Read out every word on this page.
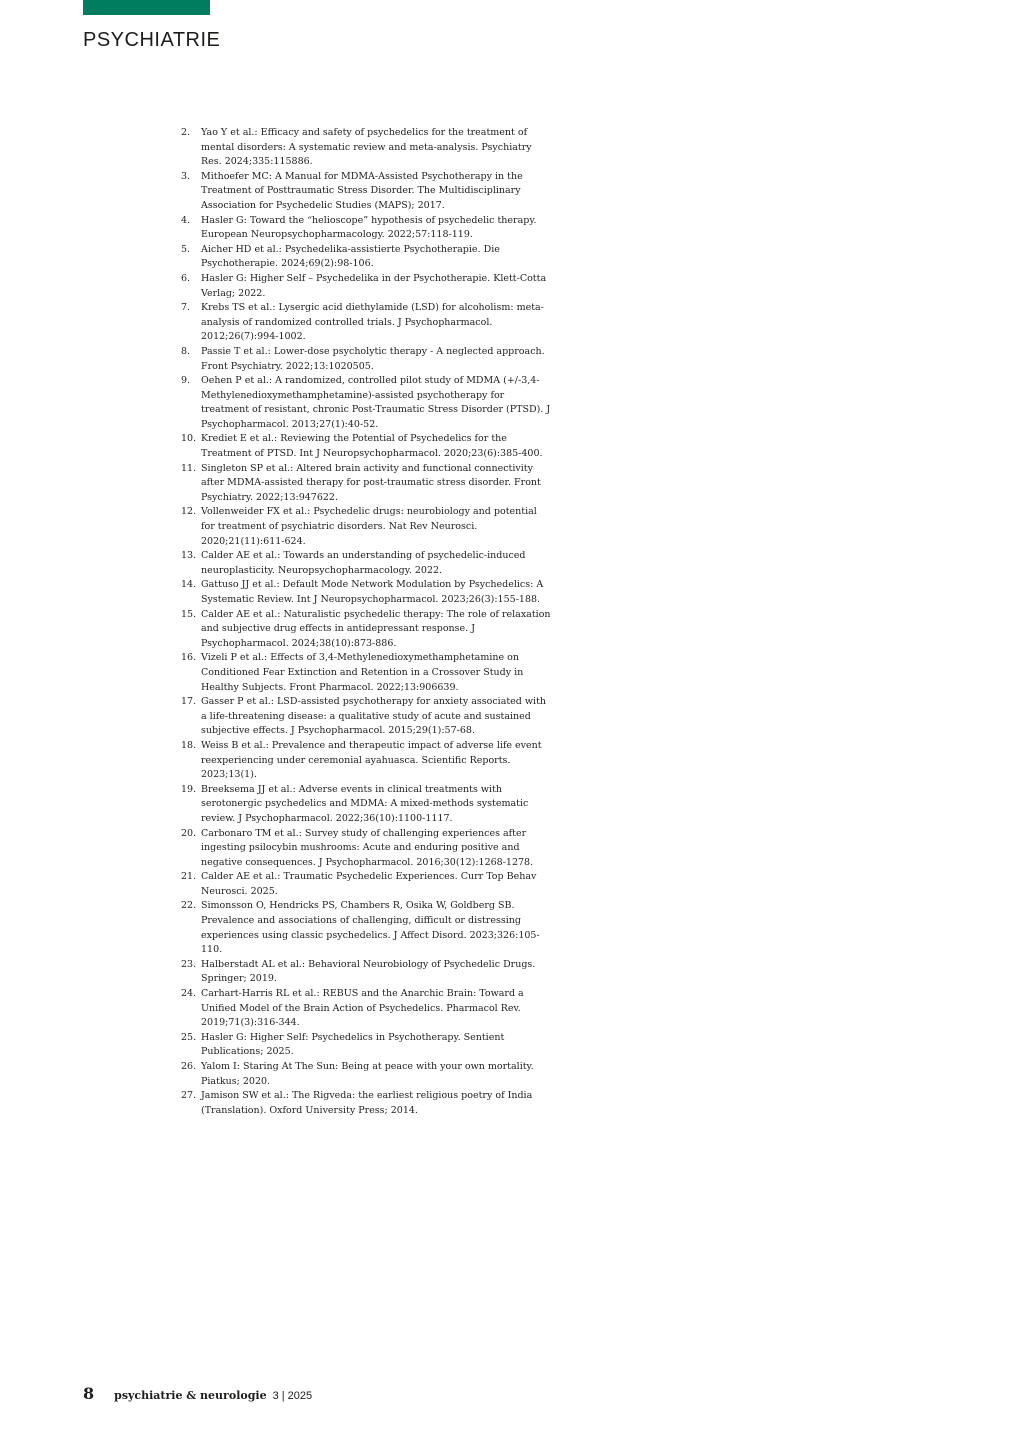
PSYCHIATRIE
2.	Yao Y et al.: Efficacy and safety of psychedelics for the treatment of mental disorders: A systematic review and meta-analysis. Psychiatry Res. 2024;335:115886.
3.	Mithoefer MC: A Manual for MDMA-Assisted Psychotherapy in the Treatment of Posttraumatic Stress Disorder. The Multidisciplinary Association for Psychedelic Studies (MAPS); 2017.
4.	Hasler G: Toward the “helioscope” hypothesis of psychedelic therapy. European Neuropsychopharmacology. 2022;57:118-119.
5.	Aicher HD et al.: Psychedelika-assistierte Psychotherapie. Die Psychotherapie. 2024;69(2):98-106.
6.	Hasler G: Higher Self – Psychedelika in der Psychotherapie. Klett-Cotta Verlag; 2022.
7.	Krebs TS et al.: Lysergic acid diethylamide (LSD) for alcoholism: meta-analysis of randomized controlled trials. J Psychopharmacol. 2012;26(7):994-1002.
8.	Passie T et al.: Lower-dose psycholytic therapy - A neglected approach. Front Psychiatry. 2022;13:1020505.
9.	Oehen P et al.: A randomized, controlled pilot study of MDMA (+/-3,4-Methylenedioxymethamphetamine)-assisted psychotherapy for treatment of resistant, chronic Post-Traumatic Stress Disorder (PTSD). J Psychopharmacol. 2013;27(1):40-52.
10. Krediet E et al.: Reviewing the Potential of Psychedelics for the Treatment of PTSD. Int J Neuropsychopharmacol. 2020;23(6):385-400.
11. Singleton SP et al.: Altered brain activity and functional connectivity after MDMA-assisted therapy for post-traumatic stress disorder. Front Psychiatry. 2022;13:947622.
12. Vollenweider FX et al.: Psychedelic drugs: neurobiology and potential for treatment of psychiatric disorders. Nat Rev Neurosci. 2020;21(11):611-624.
13. Calder AE et al.: Towards an understanding of psychedelic-induced neuroplasticity. Neuropsychopharmacology. 2022.
14. Gattuso JJ et al.: Default Mode Network Modulation by Psychedelics: A Systematic Review. Int J Neuropsychopharmacol. 2023;26(3):155-188.
15. Calder AE et al.: Naturalistic psychedelic therapy: The role of relaxation and subjective drug effects in antidepressant response. J Psychopharmacol. 2024;38(10):873-886.
16. Vizeli P et al.: Effects of 3,4-Methylenedioxymethamphetamine on Conditioned Fear Extinction and Retention in a Crossover Study in Healthy Subjects. Front Pharmacol. 2022;13:906639.
17. Gasser P et al.: LSD-assisted psychotherapy for anxiety associated with a life-threatening disease: a qualitative study of acute and sustained subjective effects. J Psychopharmacol. 2015;29(1):57-68.
18. Weiss B et al.: Prevalence and therapeutic impact of adverse life event reexperiencing under ceremonial ayahuasca. Scientific Reports. 2023;13(1).
19. Breeksema JJ et al.: Adverse events in clinical treatments with serotonergic psychedelics and MDMA: A mixed-methods systematic review. J Psychopharmacol. 2022;36(10):1100-1117.
20. Carbonaro TM et al.: Survey study of challenging experiences after ingesting psilocybin mushrooms: Acute and enduring positive and negative consequences. J Psychopharmacol. 2016;30(12):1268-1278.
21. Calder AE et al.: Traumatic Psychedelic Experiences. Curr Top Behav Neurosci. 2025.
22. Simonsson O, Hendricks PS, Chambers R, Osika W, Goldberg SB. Prevalence and associations of challenging, difficult or distressing experiences using classic psychedelics. J Affect Disord. 2023;326:105-110.
23. Halberstadt AL et al.: Behavioral Neurobiology of Psychedelic Drugs. Springer; 2019.
24. Carhart-Harris RL et al.: REBUS and the Anarchic Brain: Toward a Unified Model of the Brain Action of Psychedelics. Pharmacol Rev. 2019;71(3):316-344.
25. Hasler G: Higher Self: Psychedelics in Psychotherapy. Sentient Publications; 2025.
26. Yalom I: Staring At The Sun: Being at peace with your own mortality. Piatkus; 2020.
27. Jamison SW et al.: The Rigveda: the earliest religious poetry of India (Translation). Oxford University Press; 2014.
8 psychiatrie & neurologie 3 | 2025
